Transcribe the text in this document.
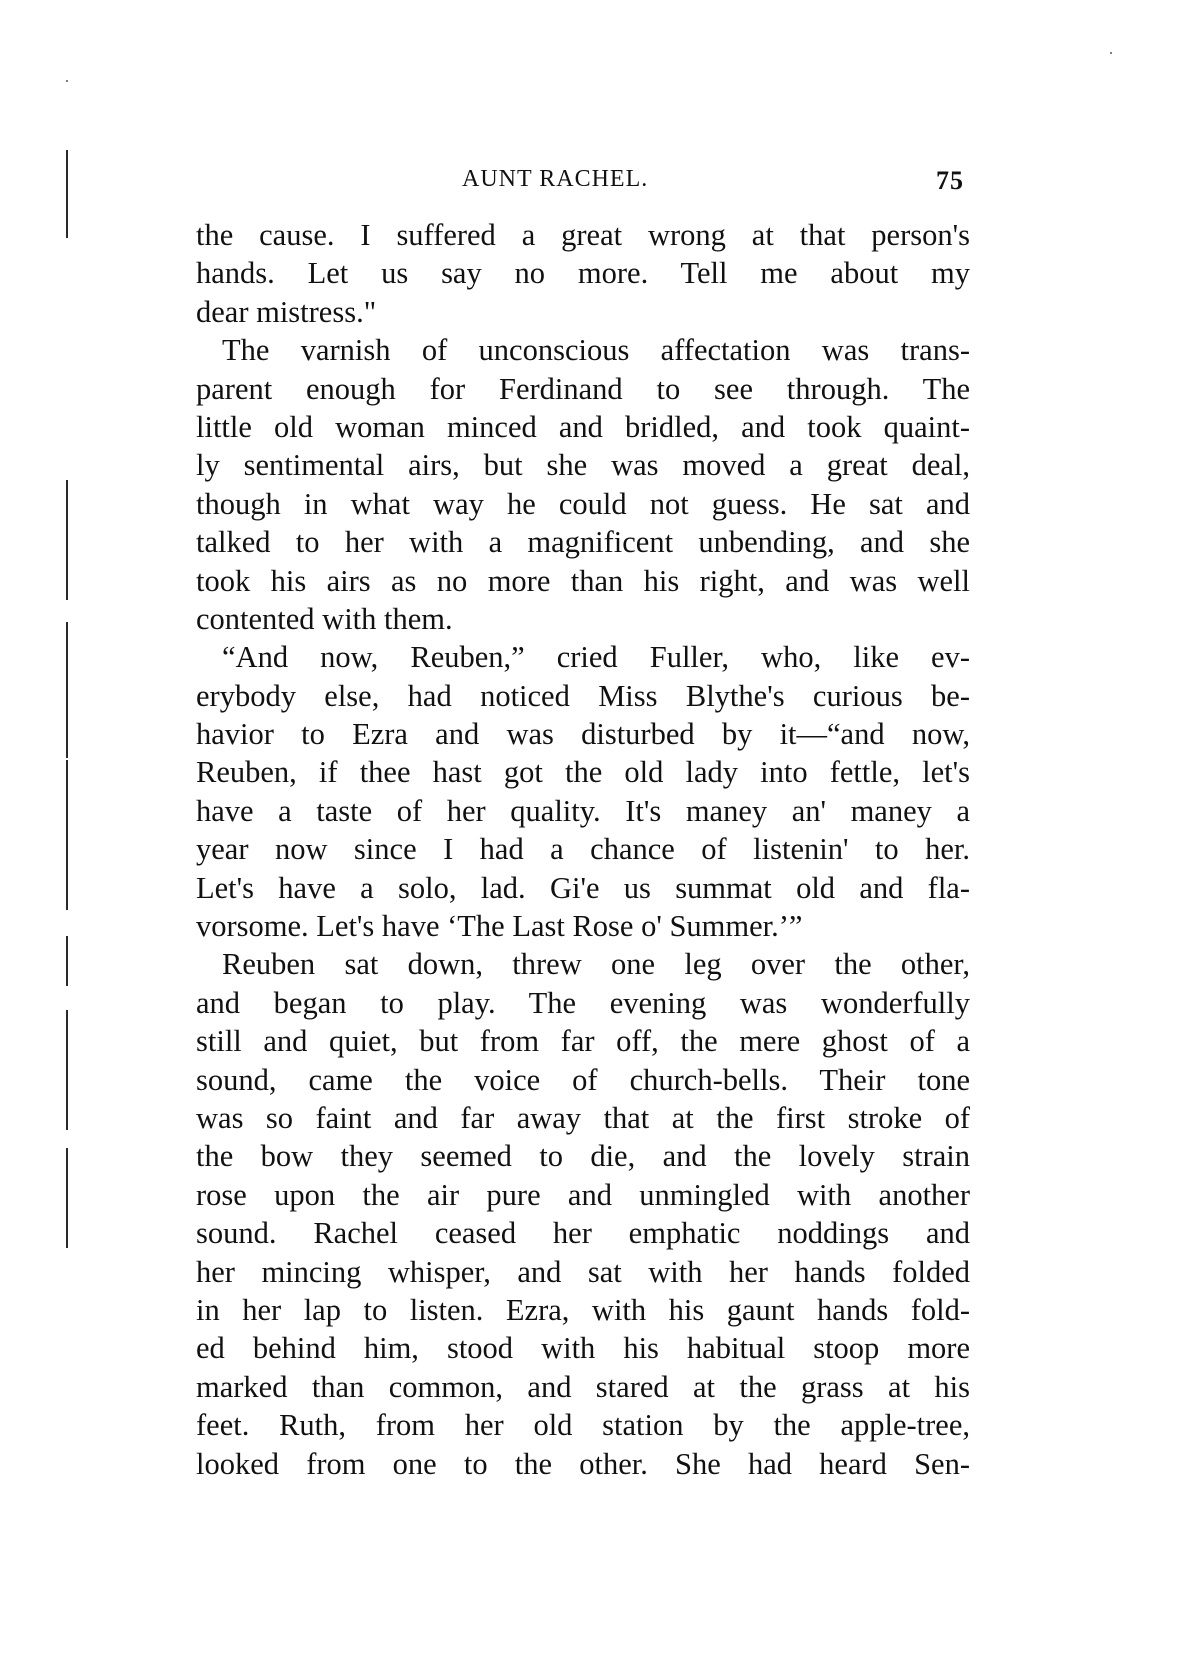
AUNT RACHEL.	75
the cause. I suffered a great wrong at that person's
hands. Let us say no more. Tell me about my
dear mistress."
The varnish of unconscious affectation was trans-
parent enough for Ferdinand to see through. The
little old woman minced and bridled, and took quaint-
ly sentimental airs, but she was moved a great deal,
though in what way he could not guess. He sat and
talked to her with a magnificent unbending, and she
took his airs as no more than his right, and was well
contented with them.
“And now, Reuben,” cried Fuller, who, like ev-
erybody else, had noticed Miss Blythe's curious be-
havior to Ezra and was disturbed by it—“and now,
Reuben, if thee hast got the old lady into fettle, let's
have a taste of her quality. It's maney an' maney a
year now since I had a chance of listenin' to her.
Let's have a solo, lad. Gi'e us summat old and fla-
vorsome. Let's have ‘The Last Rose o' Summer.’”
Reuben sat down, threw one leg over the other,
and began to play. The evening was wonderfully
still and quiet, but from far off, the mere ghost of a
sound, came the voice of church-bells. Their tone
was so faint and far away that at the first stroke of
the bow they seemed to die, and the lovely strain
rose upon the air pure and unmingled with another
sound. Rachel ceased her emphatic noddings and
her mincing whisper, and sat with her hands folded
in her lap to listen. Ezra, with his gaunt hands fold-
ed behind him, stood with his habitual stoop more
marked than common, and stared at the grass at his
feet. Ruth, from her old station by the apple-tree,
looked from one to the other. She had heard Sen-
